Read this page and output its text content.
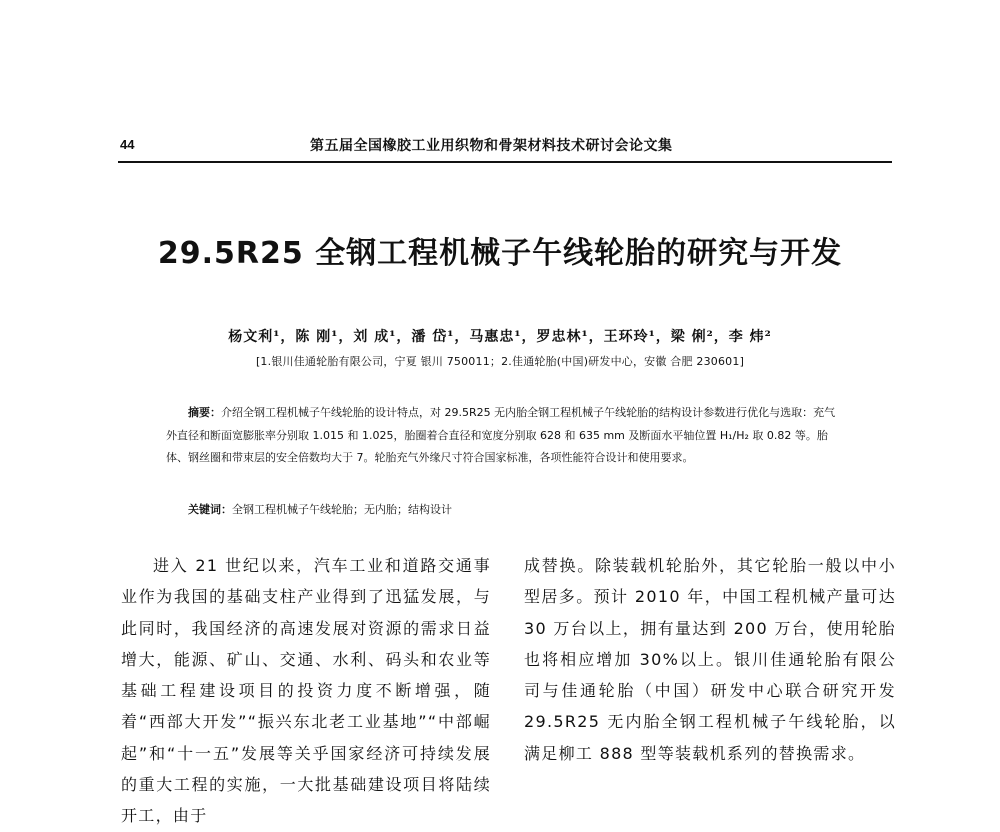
44	第五届全国橡胶工业用织物和骨架材料技术研讨会论文集
29.5R25 全钢工程机械子午线轮胎的研究与开发
杨文利¹，陈 刚¹，刘 成¹，潘 岱¹，马惠忠¹，罗忠林¹，王环玲¹，梁 俐²，李 炜²
[1.银川佳通轮胎有限公司，宁夏 银川 750011；2.佳通轮胎(中国)研发中心，安徽 合肥 230601]
摘要：介绍全钢工程机械子午线轮胎的设计特点，对 29.5R25 无内胎全钢工程机械子午线轮胎的结构设计参数进行优化与选取：充气外直径和断面宽膨胀率分别取 1.015 和 1.025，胎圈着合直径和宽度分别取 628 和 635 mm 及断面水平轴位置 H₁/H₂ 取 0.82 等。胎体、钢丝圈和带束层的安全倍数均大于 7。轮胎充气外缘尺寸符合国家标准，各项性能符合设计和使用要求。
关键词：全钢工程机械子午线轮胎；无内胎；结构设计

进入 21 世纪以来，汽车工业和道路交通事业作为我国的基础支柱产业得到了迅猛发展，与此同时，我国经济的高速发展对资源的需求日益增大，能源、矿山、交通、水利、码头和农业等基础工程建设项目的投资力度不断增强，随着“西部大开发”“振兴东北老工业基地”“中部崛起”和“十一五”发展等关乎国家经济可持续发展的重大工程的实施，一大批基础建设项目将陆续开工，由于

成替换。除装载机轮胎外，其它轮胎一般以中小型居多。预计 2010 年，中国工程机械产量可达 30 万台以上，拥有量达到 200 万台，使用轮胎也将相应增加 30%以上。银川佳通轮胎有限公司与佳通轮胎（中国）研发中心联合研究开发 29.5R25 无内胎全钢工程机械子午线轮胎，以满足柳工 888 型等装载机系列的替换需求。
